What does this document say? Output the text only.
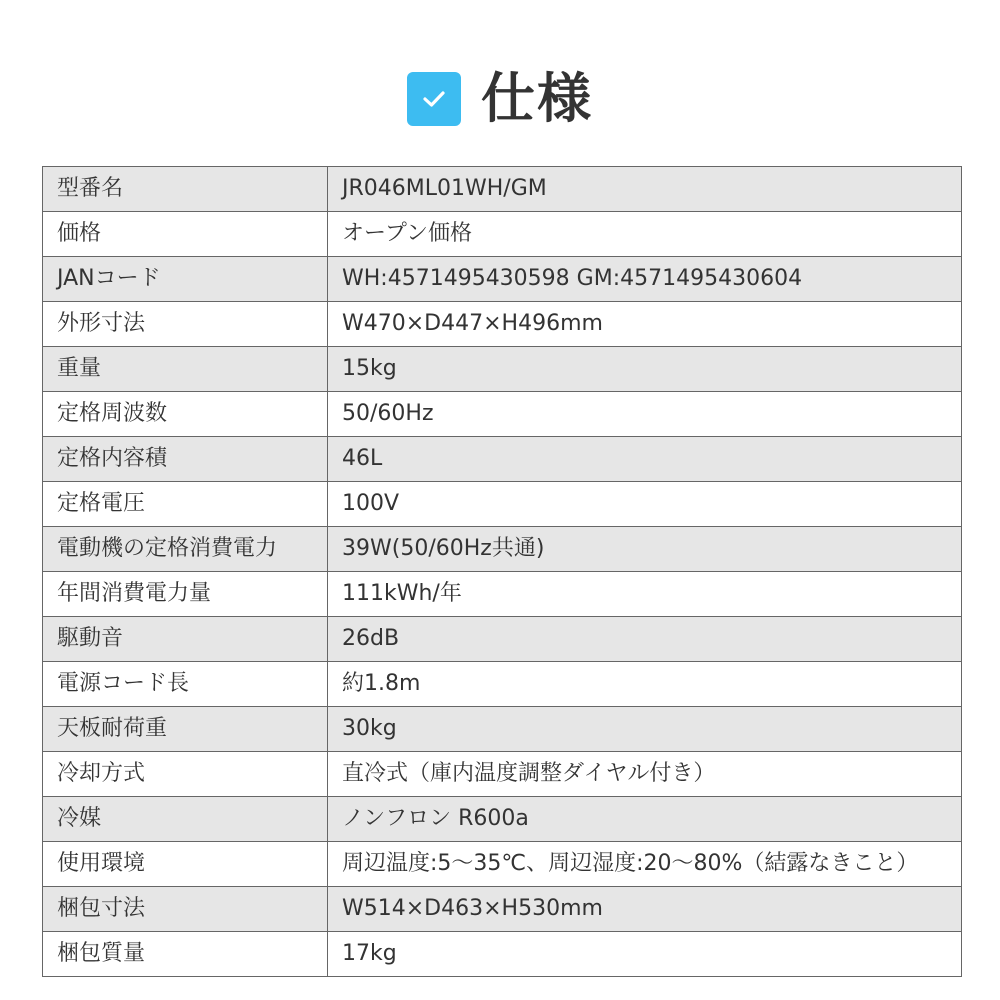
仕様
型番名	JR046ML01WH/GM
価格	オープン価格
JANコード	WH:4571495430598 GM:4571495430604
外形寸法	W470×D447×H496mm
重量	15kg
定格周波数	50/60Hz
定格内容積	46L
定格電圧	100V
電動機の定格消費電力	39W(50/60Hz共通)
年間消費電力量	111kWh/年
駆動音	26dB
電源コード長	約1.8m
天板耐荷重	30kg
冷却方式	直冷式（庫内温度調整ダイヤル付き）
冷媒	ノンフロン R600a
使用環境	周辺温度:5～35℃、周辺湿度:20～80%（結露なきこと）
梱包寸法	W514×D463×H530mm
梱包質量	17kg
